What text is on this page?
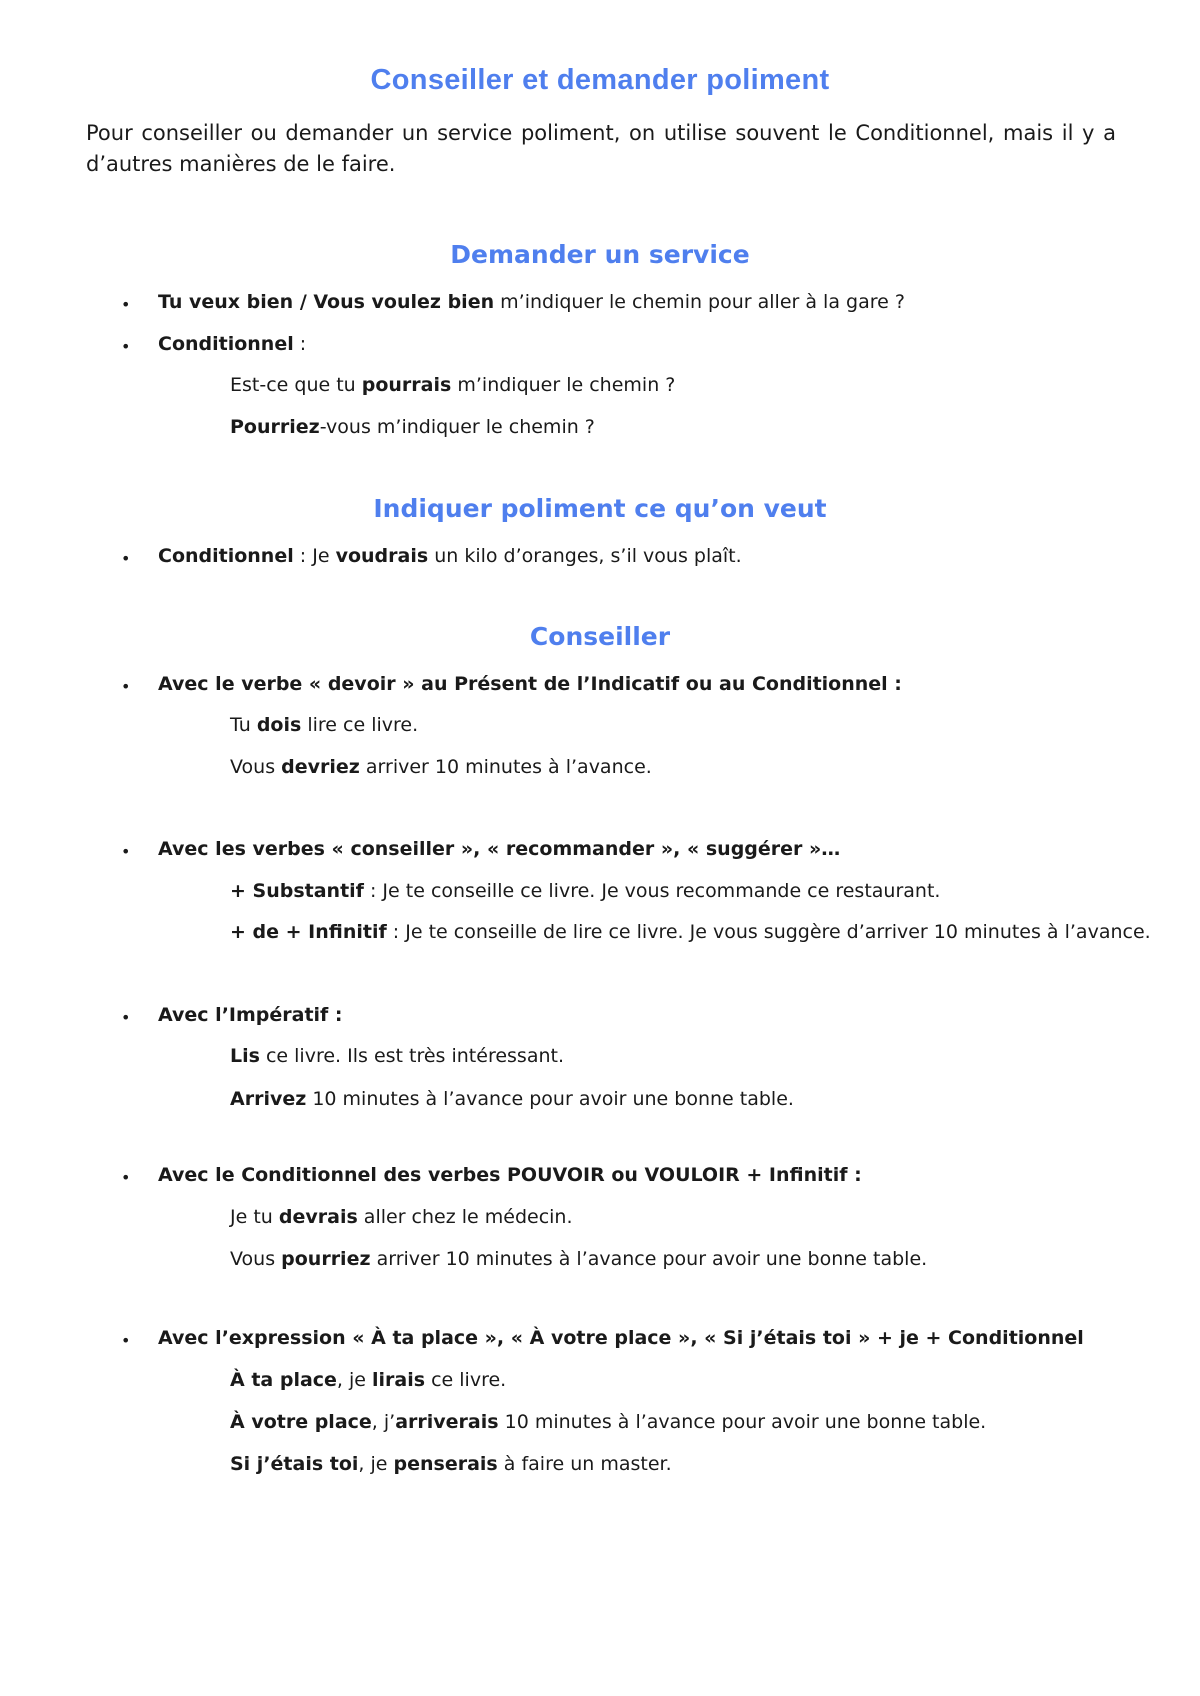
Conseiller et demander poliment
Pour conseiller ou demander un service poliment, on utilise souvent le Conditionnel, mais il y a d’autres manières de le faire.
Demander un service
• Tu veux bien / Vous voulez bien m’indiquer le chemin pour aller à la gare ?
• Conditionnel :
Est-ce que tu pourrais m’indiquer le chemin ?
Pourriez-vous m’indiquer le chemin ?
Indiquer poliment ce qu’on veut
• Conditionnel : Je voudrais un kilo d’oranges, s’il vous plaît.
Conseiller
• Avec le verbe « devoir » au Présent de l’Indicatif ou au Conditionnel :
Tu dois lire ce livre.
Vous devriez arriver 10 minutes à l’avance.
• Avec les verbes « conseiller », « recommander », « suggérer »…
+ Substantif : Je te conseille ce livre. Je vous recommande ce restaurant.
+ de + Infinitif : Je te conseille de lire ce livre. Je vous suggère d’arriver 10 minutes à l’avance.
• Avec l’Impératif :
Lis ce livre. Ils est très intéressant.
Arrivez 10 minutes à l’avance pour avoir une bonne table.
• Avec le Conditionnel des verbes POUVOIR ou VOULOIR + Infinitif :
Je tu devrais aller chez le médecin.
Vous pourriez arriver 10 minutes à l’avance pour avoir une bonne table.
• Avec l’expression « À ta place », « À votre place », « Si j’étais toi » + je + Conditionnel
À ta place, je lirais ce livre.
À votre place, j’arriverais 10 minutes à l’avance pour avoir une bonne table.
Si j’étais toi, je penserais à faire un master.
